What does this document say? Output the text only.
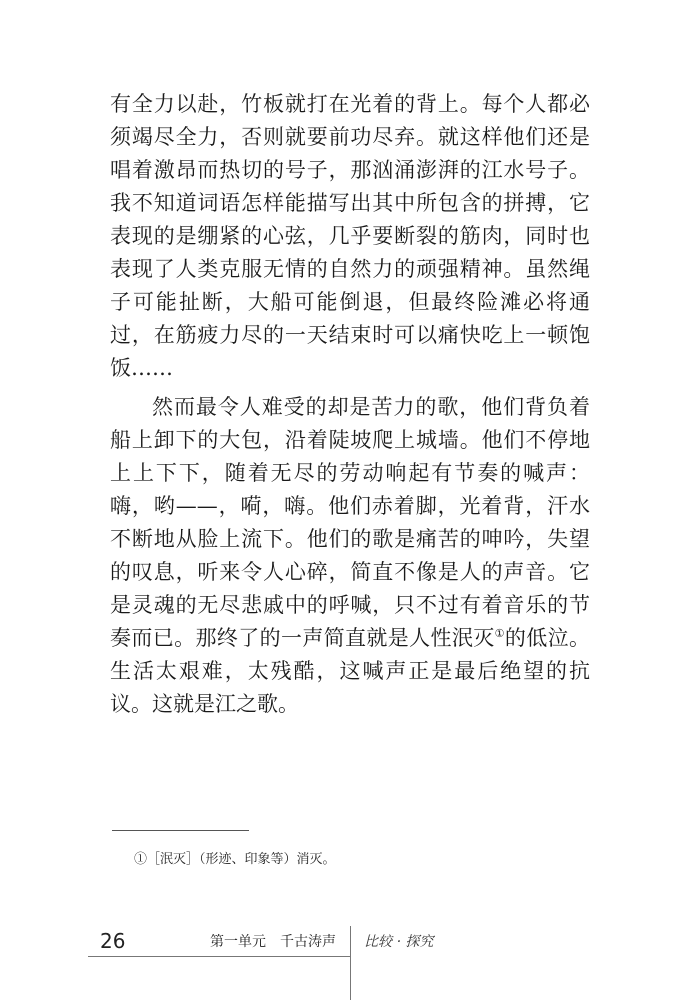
有全力以赴，竹板就打在光着的背上。每个人都必须竭尽全力，否则就要前功尽弃。就这样他们还是唱着激昂而热切的号子，那汹涌澎湃的江水号子。我不知道词语怎样能描写出其中所包含的拼搏，它表现的是绷紧的心弦，几乎要断裂的筋肉，同时也表现了人类克服无情的自然力的顽强精神。虽然绳子可能扯断，大船可能倒退，但最终险滩必将通过，在筋疲力尽的一天结束时可以痛快吃上一顿饱饭……

然而最令人难受的却是苦力的歌，他们背负着船上卸下的大包，沿着陡坡爬上城墙。他们不停地上上下下，随着无尽的劳动响起有节奏的喊声：嗨，哟——，嗬，嗨。他们赤着脚，光着背，汗水不断地从脸上流下。他们的歌是痛苦的呻吟，失望的叹息，听来令人心碎，简直不像是人的声音。它是灵魂的无尽悲戚中的呼喊，只不过有着音乐的节奏而已。那终了的一声简直就是人性泯灭①的低泣。生活太艰难，太残酷，这喊声正是最后绝望的抗议。这就是江之歌。

①［泯灭］（形迹、印象等）消灭。
26	第一单元　千古涛声 比较 · 探究
